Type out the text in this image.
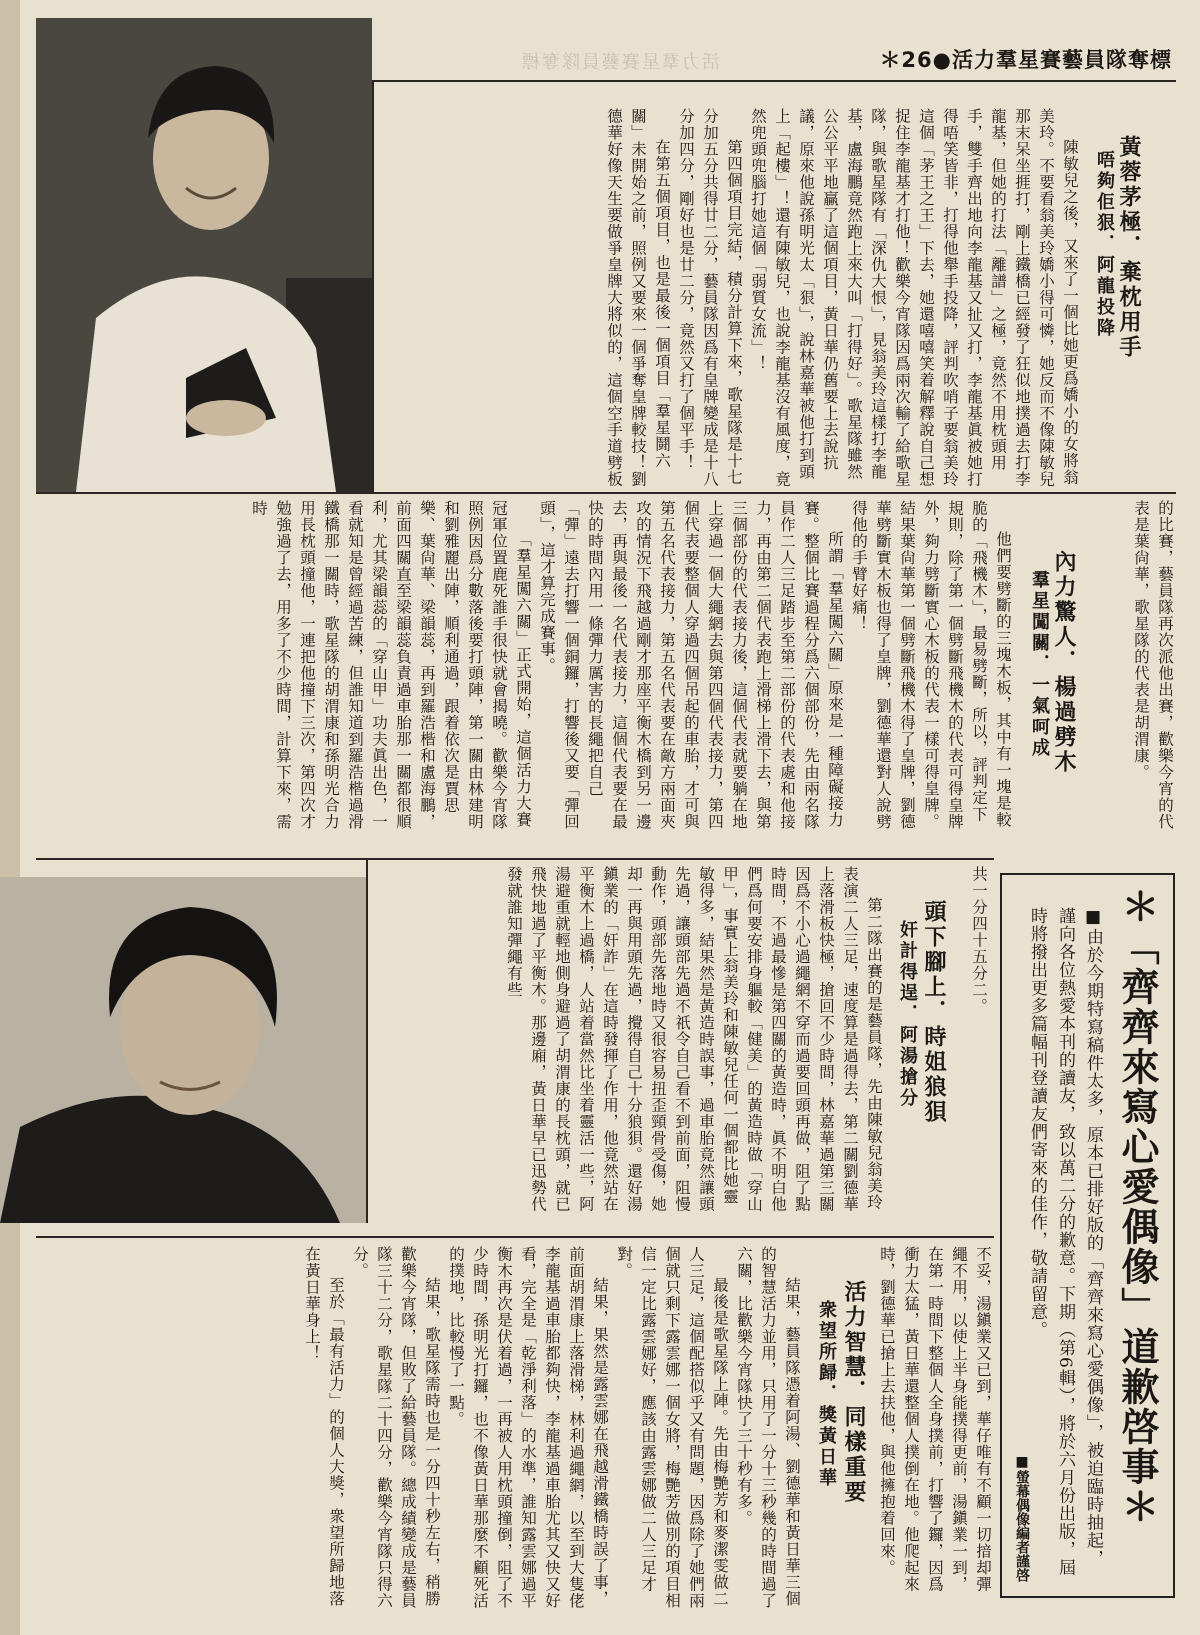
活力羣星賽藝員隊奪標	＊26●活力羣星賽藝員隊奪標
黃蓉茅極．棄枕用手
唔夠佢狠．阿龍投降

陳敏兒之後，又來了一個比她更爲嬌小的女將翁美玲。不要看翁美玲嬌小得可憐，她反而不像陳敏兒那末呆坐捱打，剛上鐵橋已經發了狂似地撲過去打李龍基，但她的打法「離譜」之極，竟然不用枕頭用手，雙手齊出地向李龍基又扯又打，李龍基眞被她打得唔笑皆非，打得他舉手投降，評判吹哨子要翁美玲這個「茅王之王」下去，她還嘻嘻笑着解釋說自己想捉住李龍基才打他！歡樂今宵隊因爲兩次輸了給歌星隊，與歌星隊有「深仇大恨」，見翁美玲這樣打李龍基，盧海鵬竟然跑上來大叫「打得好」。歌星隊雖然公公平平地贏了這個項目，黃日華仍舊要上去說抗議，原來他說孫明光太「狠」，說林嘉華被他打到頭上「起樓」！還有陳敏兒，也說李龍基沒有風度，竟然兜頭兜腦打她這個「弱質女流」！

第四個項目完結，積分計算下來，歌星隊是十七分加五分共得廿二分，藝員隊因爲有皇牌變成是十八分加四分，剛好也是廿二分，竟然又打了個平手！

在第五個項目，也是最後一個項目「羣星鬪六關」未開始之前，照例又要來一個爭奪皇牌較技！劉德華好像天生要做爭皇牌大將似的，這個空手道劈板

的比賽，藝員隊再次派他出賽，歡樂今宵的代表是葉尙華，歌星隊的代表是胡渭康。

內力驚人．楊過劈木
羣星闖關．一氣呵成

他們要劈斷的三塊木板，其中有一塊是較脆的「飛機木」，最易劈斷，所以，評判定下規則，除了第一個劈斷飛機木的代表可得皇牌外，夠力劈斷實心木板的代表一樣可得皇牌。結果葉尙華第一個劈斷飛機木得了皇牌，劉德華劈斷實木板也得了皇牌，劉德華還對人說劈得他的手臂好痛！

所謂「羣星闖六關」原來是一種障礙接力賽。整個比賽過程分爲六個部份，先由兩名隊員作二人三足踏步至第二部份的代表處和他接力，再由第二個代表跑上滑梯上滑下去，與第三個部份的代表接力後，這個代表就要躺在地上穿過一個大繩網去與第四個代表接力，第四個代表要整個人穿過四個吊起的車胎，才可與第五名代表接力，第五名代表要在敵方兩面夾攻的情況下飛越過剛才那座平衡木橋到另一邊去，再與最後一名代表接力，這個代表要在最快的時間內用一條彈力厲害的長繩把自己「彈」遠去打響一個銅鑼，打響後又要「彈回頭」，這才算完成賽事。

「羣星闖六關」正式開始，這個活力大賽冠軍位置鹿死誰手很快就會揭曉。歡樂今宵隊照例因爲分數落後要打頭陣，第一關由林建明和劉雅麗出陣，順利通過，跟着依次是賈思樂、葉尙華、梁韻蕊，再到羅浩楷和盧海鵬，前面四關直至梁韻蕊負責過車胎那一關都很順利，尤其梁韻蕊的「穿山甲」功夫眞出色，一看就知是曾經過苦練，但誰知道到羅浩楷過滑鐵橋那一關時，歌星隊的胡渭康和孫明光合力用長枕頭撞他，一連把他撞下三次，第四次才勉強過了去，用多了不少時間，計算下來，需時

共一分四十五分二。

頭下腳上．時姐狼狽
奸計得逞．阿湯搶分

第二隊出賽的是藝員隊，先由陳敏兒翁美玲表演二人三足，速度算是過得去，第二關劉德華上落滑板快極，搶回不少時間，林嘉華過第三關因爲不小心過繩網不穿而過要回頭再做，阻了點時間，不過最慘是第四關的黃造時，眞不明白他們爲何要安排身軀較「健美」的黃造時做「穿山甲」，事實上翁美玲和陳敏兒任何一個都比她靈敏得多，結果然是黃造時誤事，過車胎竟然讓頭先過，讓頭部先過不祇令自己看不到前面，阻慢動作，頭部先落地時又很容易扭歪頸骨受傷，她却一再與用頭先過，攪得自己十分狼狽。還好湯鎭業的「奸詐」在這時發揮了作用，他竟然站在平衡木上過橋，人站着當然比坐着靈活一些，阿湯避重就輕地側身避過了胡渭康的長枕頭，就已飛快地過了平衡木。那邊廂，黃日華早已迅勢代發就誰知彈繩有些

不妥，湯鎭業又已到，華仔唯有不顧一切揞却彈繩不用，以使上半身能撲得更前，湯鎭業一到，在第一時間下整個人全身撲前，打響了鑼，因爲衝力太猛，黃日華還整個人撲倒在地。他爬起來時，劉德華已搶上去扶他，與他擁抱着回來。

活力智慧．同樣重要
衆望所歸．獎黃日華

結果，藝員隊憑着阿湯、劉德華和黃日華三個的智慧活力並用，只用了一分十三秒幾的時間過了六關，比歡樂今宵隊快了三十秒有多。

最後是歌星隊上陣。先由梅艷芳和麥潔雯做二人三足，這個配搭似乎又有問題，因爲除了她們兩個就只剩下露雲娜一個女將，梅艷芳做別的項目相信一定比露雲娜好，應該由露雲娜做二人三足才對。

結果，果然是露雲娜在飛越滑鐵橋時誤了事，前面胡渭康上落滑梯，林利過繩網，以至到大隻佬李龍基過車胎都夠快，李龍基過車胎尤其又快又好看，完全是「乾淨利落」的水準，誰知露雲娜過平衡木再次是伏着過，一再被人用枕頭撞倒，阻了不少時間，孫明光打鑼，也不像黃日華那麼不顧死活的撲地，比較慢了一點。

結果，歌星隊需時也是一分四十秒左右，稍勝歡樂今宵隊，但敗了給藝員隊。總成績變成是藝員隊三十二分，歌星隊二十四分，歡樂今宵隊只得六分。

至於「最有活力」的個人大獎，衆望所歸地落在黃日華身上！	＊「齊齊來寫心愛偶像」道歉啓事＊
■由於今期特寫稿件太多，原本已排好版的「齊齊來寫心愛偶像」，被迫臨時抽起，謹向各位熱愛本刊的讀友，致以萬二分的歉意。下期（第6輯），將於六月份出版，屆時將撥出更多篇幅刊登讀友們寄來的佳作，敬請留意。
■螢幕偶像編者謹啓
